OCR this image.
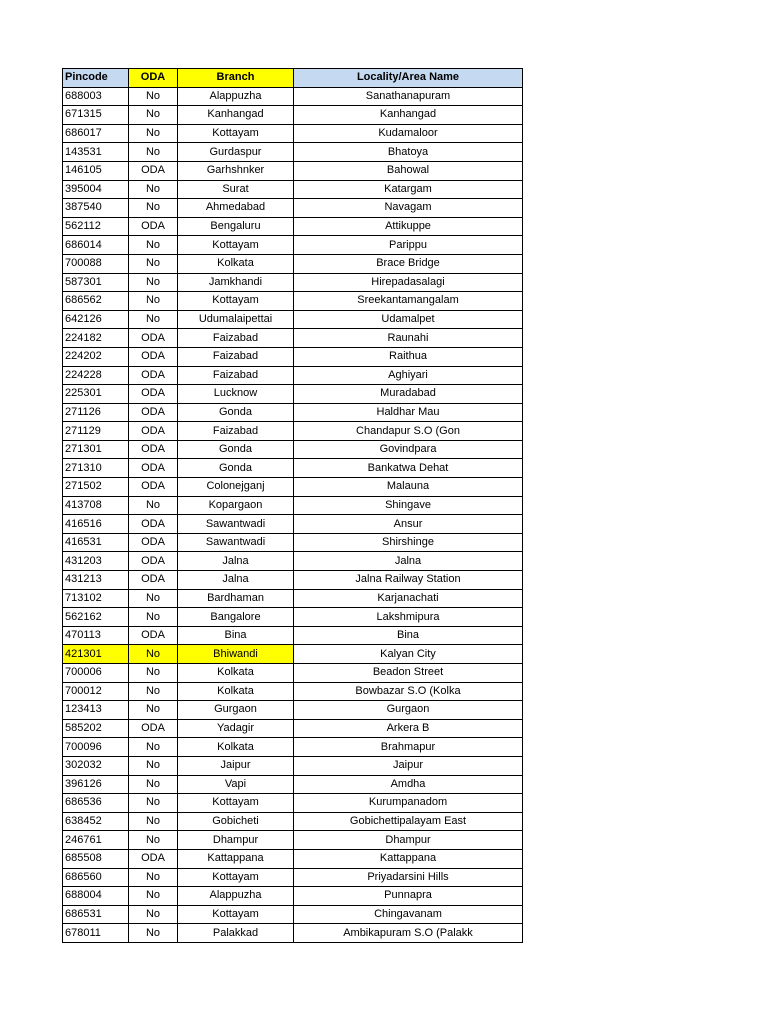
Pincode	ODA	Branch	Locality/Area Name
688003	No	Alappuzha	Sanathanapuram
671315	No	Kanhangad	Kanhangad
686017	No	Kottayam	Kudamaloor
143531	No	Gurdaspur	Bhatoya
146105	ODA	Garhshnker	Bahowal
395004	No	Surat	Katargam
387540	No	Ahmedabad	Navagam
562112	ODA	Bengaluru	Attikuppe
686014	No	Kottayam	Parippu
700088	No	Kolkata	Brace Bridge
587301	No	Jamkhandi	Hirepadasalagi
686562	No	Kottayam	Sreekantamangalam
642126	No	Udumalaipettai	Udamalpet
224182	ODA	Faizabad	Raunahi
224202	ODA	Faizabad	Raithua
224228	ODA	Faizabad	Aghiyari
225301	ODA	Lucknow	Muradabad
271126	ODA	Gonda	Haldhar Mau
271129	ODA	Faizabad	Chandapur S.O (Gon
271301	ODA	Gonda	Govindpara
271310	ODA	Gonda	Bankatwa Dehat
271502	ODA	Colonejganj	Malauna
413708	No	Kopargaon	Shingave
416516	ODA	Sawantwadi	Ansur
416531	ODA	Sawantwadi	Shirshinge
431203	ODA	Jalna	Jalna
431213	ODA	Jalna	Jalna Railway Station
713102	No	Bardhaman	Karjanachati
562162	No	Bangalore	Lakshmipura
470113	ODA	Bina	Bina
421301	No	Bhiwandi	Kalyan City
700006	No	Kolkata	Beadon Street
700012	No	Kolkata	Bowbazar S.O (Kolka
123413	No	Gurgaon	Gurgaon
585202	ODA	Yadagir	Arkera B
700096	No	Kolkata	Brahmapur
302032	No	Jaipur	Jaipur
396126	No	Vapi	Amdha
686536	No	Kottayam	Kurumpanadom
638452	No	Gobicheti	Gobichettipalayam East
246761	No	Dhampur	Dhampur
685508	ODA	Kattappana	Kattappana
686560	No	Kottayam	Priyadarsini Hills
688004	No	Alappuzha	Punnapra
686531	No	Kottayam	Chingavanam
678011	No	Palakkad	Ambikapuram S.O (Palakk
